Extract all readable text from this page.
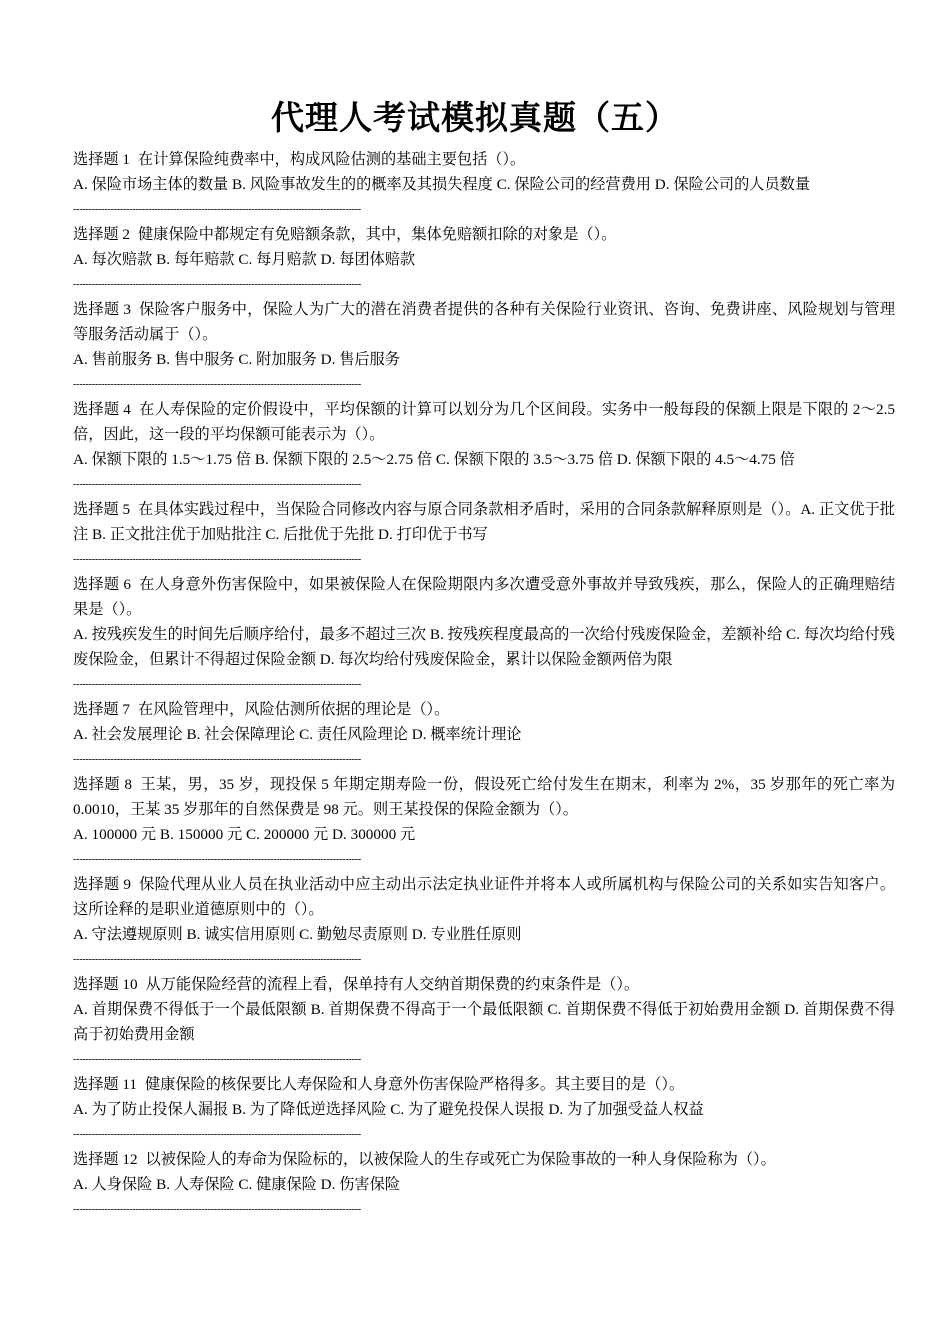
代理人考试模拟真题（五）

选择题 1 在计算保险纯费率中，构成风险估测的基础主要包括（）。

A. 保险市场主体的数量 B. 风险事故发生的的概率及其损失程度 C. 保险公司的经营费用 D. 保险公司的人员数量

--------------------------------------------------------------------------------------------

选择题 2 健康保险中都规定有免赔额条款，其中，集体免赔额扣除的对象是（）。

A. 每次赔款 B. 每年赔款 C. 每月赔款 D. 每团体赔款

--------------------------------------------------------------------------------------------

选择题 3 保险客户服务中，保险人为广大的潜在消费者提供的各种有关保险行业资讯、咨询、免费讲座、风险规划与管理等服务活动属于（）。

A. 售前服务 B. 售中服务 C. 附加服务 D. 售后服务

--------------------------------------------------------------------------------------------

选择题 4 在人寿保险的定价假设中，平均保额的计算可以划分为几个区间段。实务中一般每段的保额上限是下限的 2～2.5 倍，因此，这一段的平均保额可能表示为（）。

A. 保额下限的 1.5～1.75 倍 B. 保额下限的 2.5～2.75 倍 C. 保额下限的 3.5～3.75 倍 D. 保额下限的 4.5～4.75 倍

--------------------------------------------------------------------------------------------

选择题 5 在具体实践过程中，当保险合同修改内容与原合同条款相矛盾时，采用的合同条款解释原则是（）。A. 正文优于批注 B. 正文批注优于加贴批注 C. 后批优于先批 D. 打印优于书写

--------------------------------------------------------------------------------------------

选择题 6 在人身意外伤害保险中，如果被保险人在保险期限内多次遭受意外事故并导致残疾，那么，保险人的正确理赔结果是（）。

A. 按残疾发生的时间先后顺序给付，最多不超过三次 B. 按残疾程度最高的一次给付残废保险金，差额补给 C. 每次均给付残废保险金，但累计不得超过保险金额 D. 每次均给付残废保险金，累计以保险金额两倍为限

--------------------------------------------------------------------------------------------

选择题 7 在风险管理中，风险估测所依据的理论是（）。

A. 社会发展理论 B. 社会保障理论 C. 责任风险理论 D. 概率统计理论

--------------------------------------------------------------------------------------------

选择题 8 王某，男，35 岁，现投保 5 年期定期寿险一份，假设死亡给付发生在期末，利率为 2%，35 岁那年的死亡率为 0.0010，王某 35 岁那年的自然保费是 98 元。则王某投保的保险金额为（）。

A. 100000 元 B. 150000 元 C. 200000 元 D. 300000 元

--------------------------------------------------------------------------------------------

选择题 9 保险代理从业人员在执业活动中应主动出示法定执业证件并将本人或所属机构与保险公司的关系如实告知客户。这所诠释的是职业道德原则中的（）。

A. 守法遵规原则 B. 诚实信用原则 C. 勤勉尽责原则 D. 专业胜任原则

--------------------------------------------------------------------------------------------

选择题 10 从万能保险经营的流程上看，保单持有人交纳首期保费的约束条件是（）。

A. 首期保费不得低于一个最低限额 B. 首期保费不得高于一个最低限额 C. 首期保费不得低于初始费用金额 D. 首期保费不得高于初始费用金额

--------------------------------------------------------------------------------------------

选择题 11 健康保险的核保要比人寿保险和人身意外伤害保险严格得多。其主要目的是（）。

A. 为了防止投保人漏报 B. 为了降低逆选择风险 C. 为了避免投保人误报 D. 为了加强受益人权益

--------------------------------------------------------------------------------------------

选择题 12 以被保险人的寿命为保险标的，以被保险人的生存或死亡为保险事故的一种人身保险称为（）。

A. 人身保险 B. 人寿保险 C. 健康保险 D. 伤害保险

--------------------------------------------------------------------------------------------
